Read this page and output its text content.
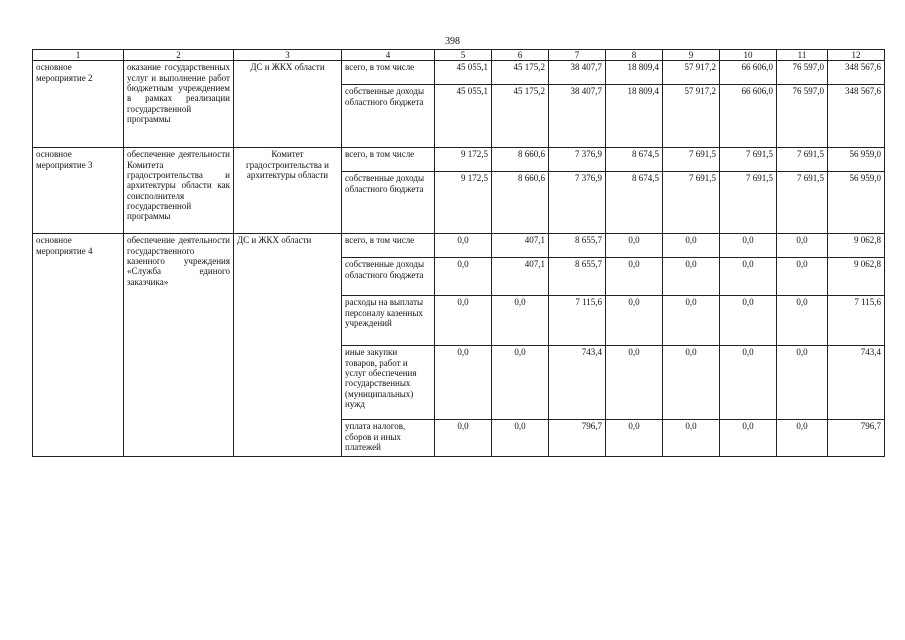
398
1	2	3	4	5	6	7	8	9	10	11	12
основное мероприятие 2	оказание государственных услуг и выполнение работ бюджетным учреждением в рамках реализации государственной программы	ДС и ЖКХ области	всего, в том числе	45 055,1	45 175,2	38 407,7	18 809,4	57 917,2	66 606,0	76 597,0	348 567,6
			собственные доходы областного бюджета	45 055,1	45 175,2	38 407,7	18 809,4	57 917,2	66 606,0	76 597,0	348 567,6
основное мероприятие 3	обеспечение деятельности Комитета градостроительства и архитектуры области как соисполнителя государственной программы	Комитет градостроительства и архитектуры области	всего, в том числе	9 172,5	8 660,6	7 376,9	8 674,5	7 691,5	7 691,5	7 691,5	56 959,0
			собственные доходы областного бюджета	9 172,5	8 660,6	7 376,9	8 674,5	7 691,5	7 691,5	7 691,5	56 959,0
основное мероприятие 4	обеспечение деятельности государственного казенного учреждения «Служба единого заказчика»	ДС и ЖКХ области	всего, в том числе	0,0	407,1	8 655,7	0,0	0,0	0,0	0,0	9 062,8
			собственные доходы областного бюджета	0,0	407,1	8 655,7	0,0	0,0	0,0	0,0	9 062,8
			расходы на выплаты персоналу казенных учреждений	0,0	0,0	7 115,6	0,0	0,0	0,0	0,0	7 115,6
			иные закупки товаров, работ и услуг обеспечения государственных (муниципальных) нужд	0,0	0,0	743,4	0,0	0,0	0,0	0,0	743,4
			уплата налогов, сборов и иных платежей	0,0	0,0	796,7	0,0	0,0	0,0	0,0	796,7
